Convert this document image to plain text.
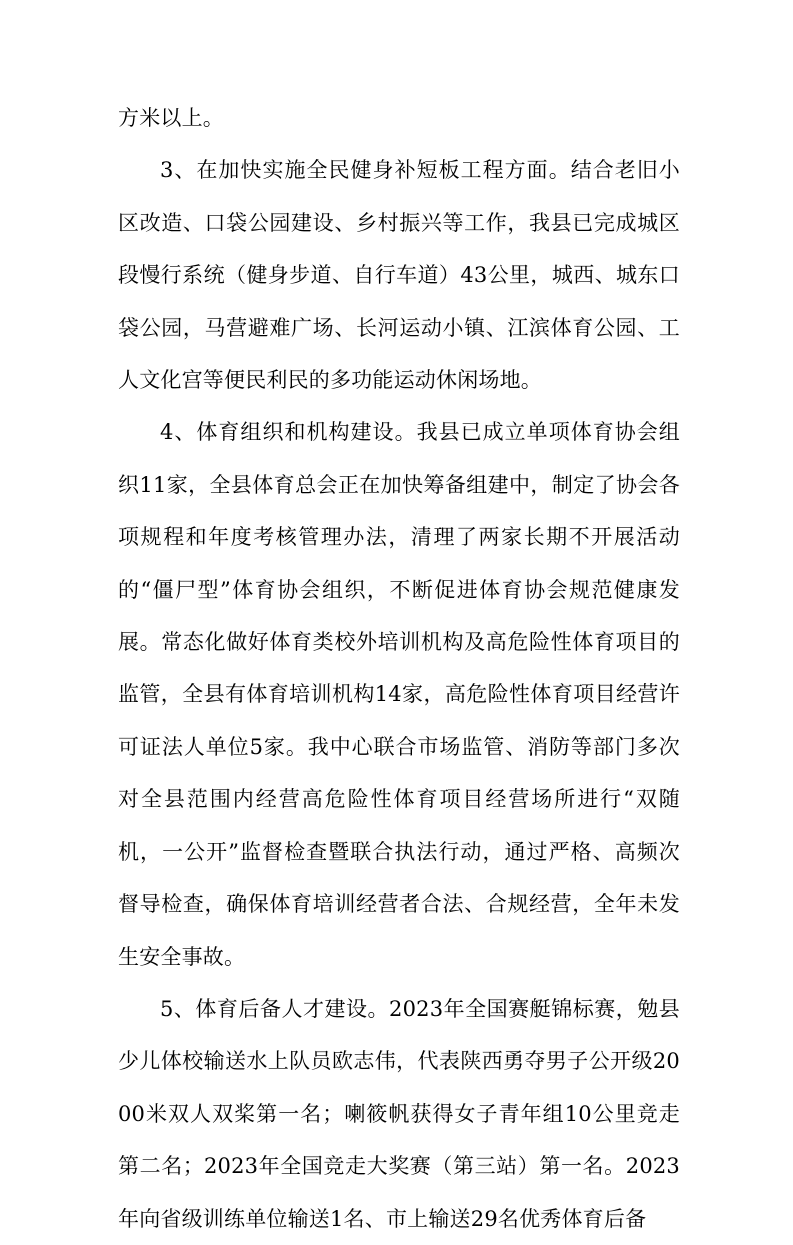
方米以上。

3、在加快实施全民健身补短板工程方面。结合老旧小区改造、口袋公园建设、乡村振兴等工作，我县已完成城区段慢行系统（健身步道、自行车道）43公里，城西、城东口袋公园，马营避难广场、长河运动小镇、江滨体育公园、工人文化宫等便民利民的多功能运动休闲场地。

4、体育组织和机构建设。我县已成立单项体育协会组织11家，全县体育总会正在加快筹备组建中，制定了协会各项规程和年度考核管理办法，清理了两家长期不开展活动的“僵尸型”体育协会组织，不断促进体育协会规范健康发展。常态化做好体育类校外培训机构及高危险性体育项目的监管，全县有体育培训机构14家，高危险性体育项目经营许可证法人单位5家。我中心联合市场监管、消防等部门多次对全县范围内经营高危险性体育项目经营场所进行“双随机，一公开”监督检查暨联合执法行动，通过严格、高频次督导检查，确保体育培训经营者合法、合规经营，全年未发生安全事故。

5、体育后备人才建设。2023年全国赛艇锦标赛，勉县少儿体校输送水上队员欧志伟，代表陕西勇夺男子公开级2000米双人双桨第一名；喇筱帆获得女子青年组10公里竞走第二名；2023年全国竞走大奖赛（第三站）第一名。2023年向省级训练单位输送1名、市上输送29名优秀体育后备
